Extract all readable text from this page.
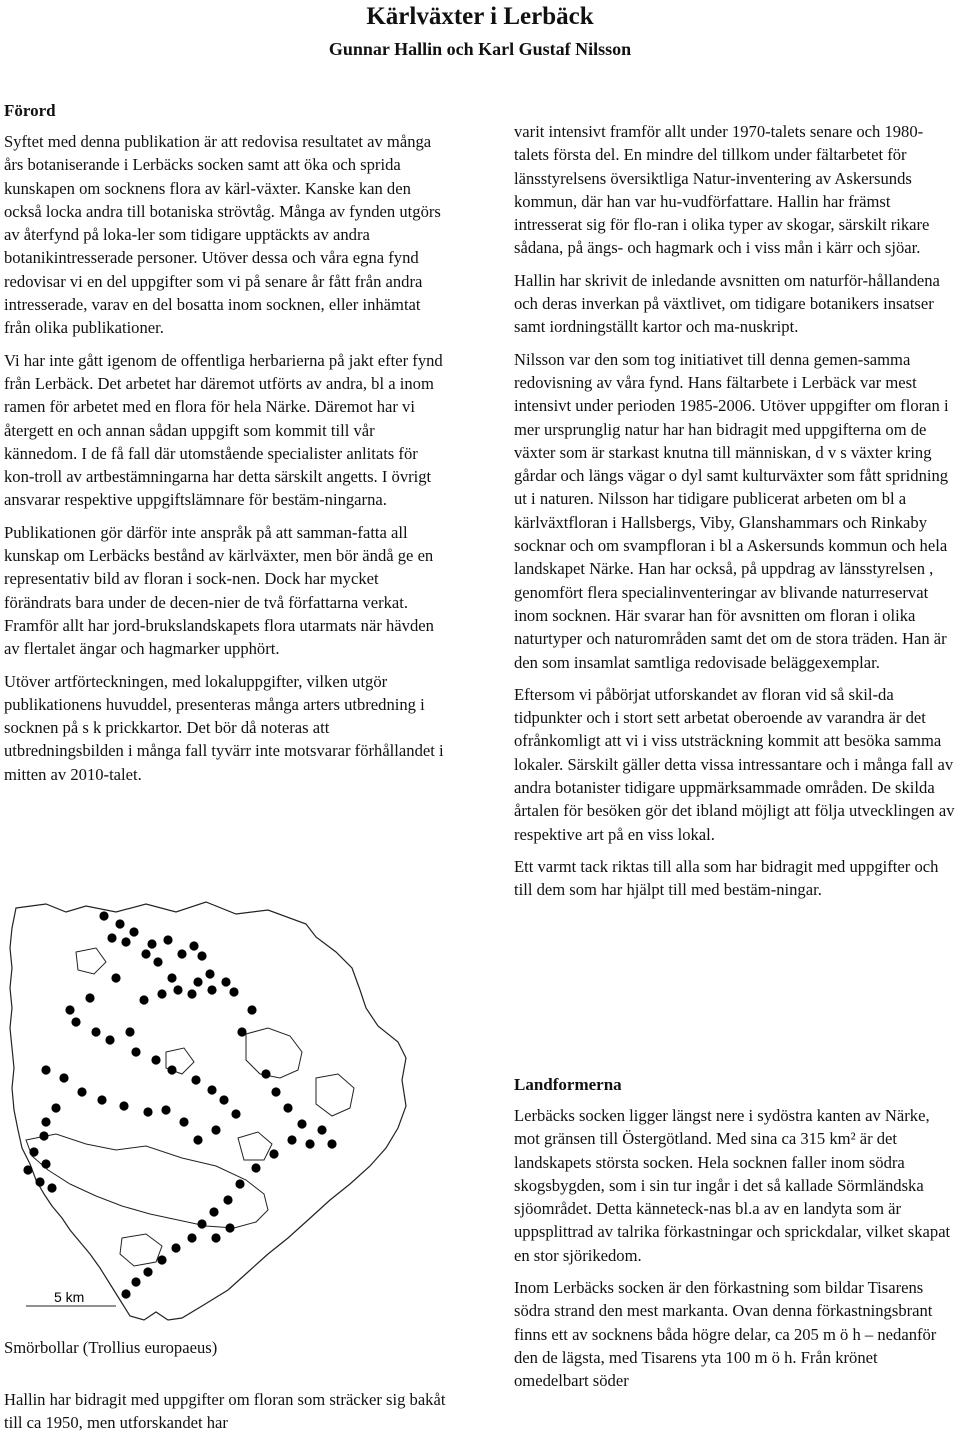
Kärlväxter i Lerbäck
Gunnar Hallin och Karl Gustaf Nilsson
Förord

Syftet med denna publikation är att redovisa resultatet av många års botaniserande i Lerbäcks socken samt att öka och sprida kunskapen om socknens flora av kärl-växter. Kanske kan den också locka andra till botaniska strövtåg. Många av fynden utgörs av återfynd på loka-ler som tidigare upptäckts av andra botanikintresserade personer. Utöver dessa och våra egna fynd redovisar vi en del uppgifter som vi på senare år fått från andra intresserade, varav en del bosatta inom socknen, eller inhämtat från olika publikationer.

Vi har inte gått igenom de offentliga herbarierna på jakt efter fynd från Lerbäck. Det arbetet har däremot utförts av andra, bl a inom ramen för arbetet med en flora för hela Närke. Däremot har vi återgett en och annan sådan uppgift som kommit till vår kännedom. I de få fall där utomstående specialister anlitats för kon-troll av artbestämningarna har detta särskilt angetts. I övrigt ansvarar respektive uppgiftslämnare för bestäm-ningarna.

Publikationen gör därför inte anspråk på att samman-fatta all kunskap om Lerbäcks bestånd av kärlväxter, men bör ändå ge en representativ bild av floran i sock-nen. Dock har mycket förändrats bara under de decen-nier de två författarna verkat. Framför allt har jord-brukslandskapets flora utarmats när hävden av flertalet ängar och hagmarker upphört.

Utöver artförteckningen, med lokaluppgifter, vilken utgör publikationens huvuddel, presenteras många arters utbredning i socknen på s k prickkartor. Det bör då noteras att utbredningsbilden i många fall tyvärr inte motsvarar förhållandet i mitten av 2010-talet.

5 km
Smörbollar (Trollius europaeus)
Hallin har bidragit med uppgifter om floran som sträcker sig bakåt till ca 1950, men utforskandet har

varit intensivt framför allt under 1970-talets senare och 1980-talets första del. En mindre del tillkom under fältarbetet för länsstyrelsens översiktliga Natur-inventering av Askersunds kommun, där han var hu-vudförfattare. Hallin har främst intresserat sig för flo-ran i olika typer av skogar, särskilt rikare sådana, på ängs- och hagmark och i viss mån i kärr och sjöar.

Hallin har skrivit de inledande avsnitten om naturför-hållandena och deras inverkan på växtlivet, om tidigare botanikers insatser samt iordningställt kartor och ma-nuskript.

Nilsson var den som tog initiativet till denna gemen-samma redovisning av våra fynd. Hans fältarbete i Lerbäck var mest intensivt under perioden 1985-2006. Utöver uppgifter om floran i mer ursprunglig natur har han bidragit med uppgifterna om de växter som är starkast knutna till människan, d v s växter kring gårdar och längs vägar o dyl samt kulturväxter som fått spridning ut i naturen. Nilsson har tidigare publicerat arbeten om bl a kärlväxtfloran i Hallsbergs, Viby, Glanshammars och Rinkaby socknar och om svampfloran i bl a Askersunds kommun och hela landskapet Närke. Han har också, på uppdrag av länsstyrelsen , genomfört flera specialinventeringar av blivande naturreservat inom socknen. Här svarar han för avsnitten om floran i olika naturtyper och naturområden samt det om de stora träden. Han är den som insamlat samtliga redovisade beläggexemplar.

Eftersom vi påbörjat utforskandet av floran vid så skil-da tidpunkter och i stort sett arbetat oberoende av varandra är det ofrånkomligt att vi i viss utsträckning kommit att besöka samma lokaler. Särskilt gäller detta vissa intressantare och i många fall av andra botanister tidigare uppmärksammade områden. De skilda årtalen för besöken gör det ibland möjligt att följa utvecklingen av respektive art på en viss lokal.

Ett varmt tack riktas till alla som har bidragit med uppgifter och till dem som har hjälpt till med bestäm-ningar.

Landformerna

Lerbäcks socken ligger längst nere i sydöstra kanten av Närke, mot gränsen till Östergötland. Med sina ca 315 km² är det landskapets största socken. Hela socknen faller inom södra skogsbygden, som i sin tur ingår i det så kallade Sörmländska sjöområdet. Detta känneteck-nas bl.a av en landyta som är uppsplittrad av talrika förkastningar och sprickdalar, vilket skapat en stor sjörikedom.

Inom Lerbäcks socken är den förkastning som bildar Tisarens södra strand den mest markanta. Ovan denna förkastningsbrant finns ett av socknens båda högre delar, ca 205 m ö h – nedanför den de lägsta, med Tisarens yta 100 m ö h. Från krönet omedelbart söder
